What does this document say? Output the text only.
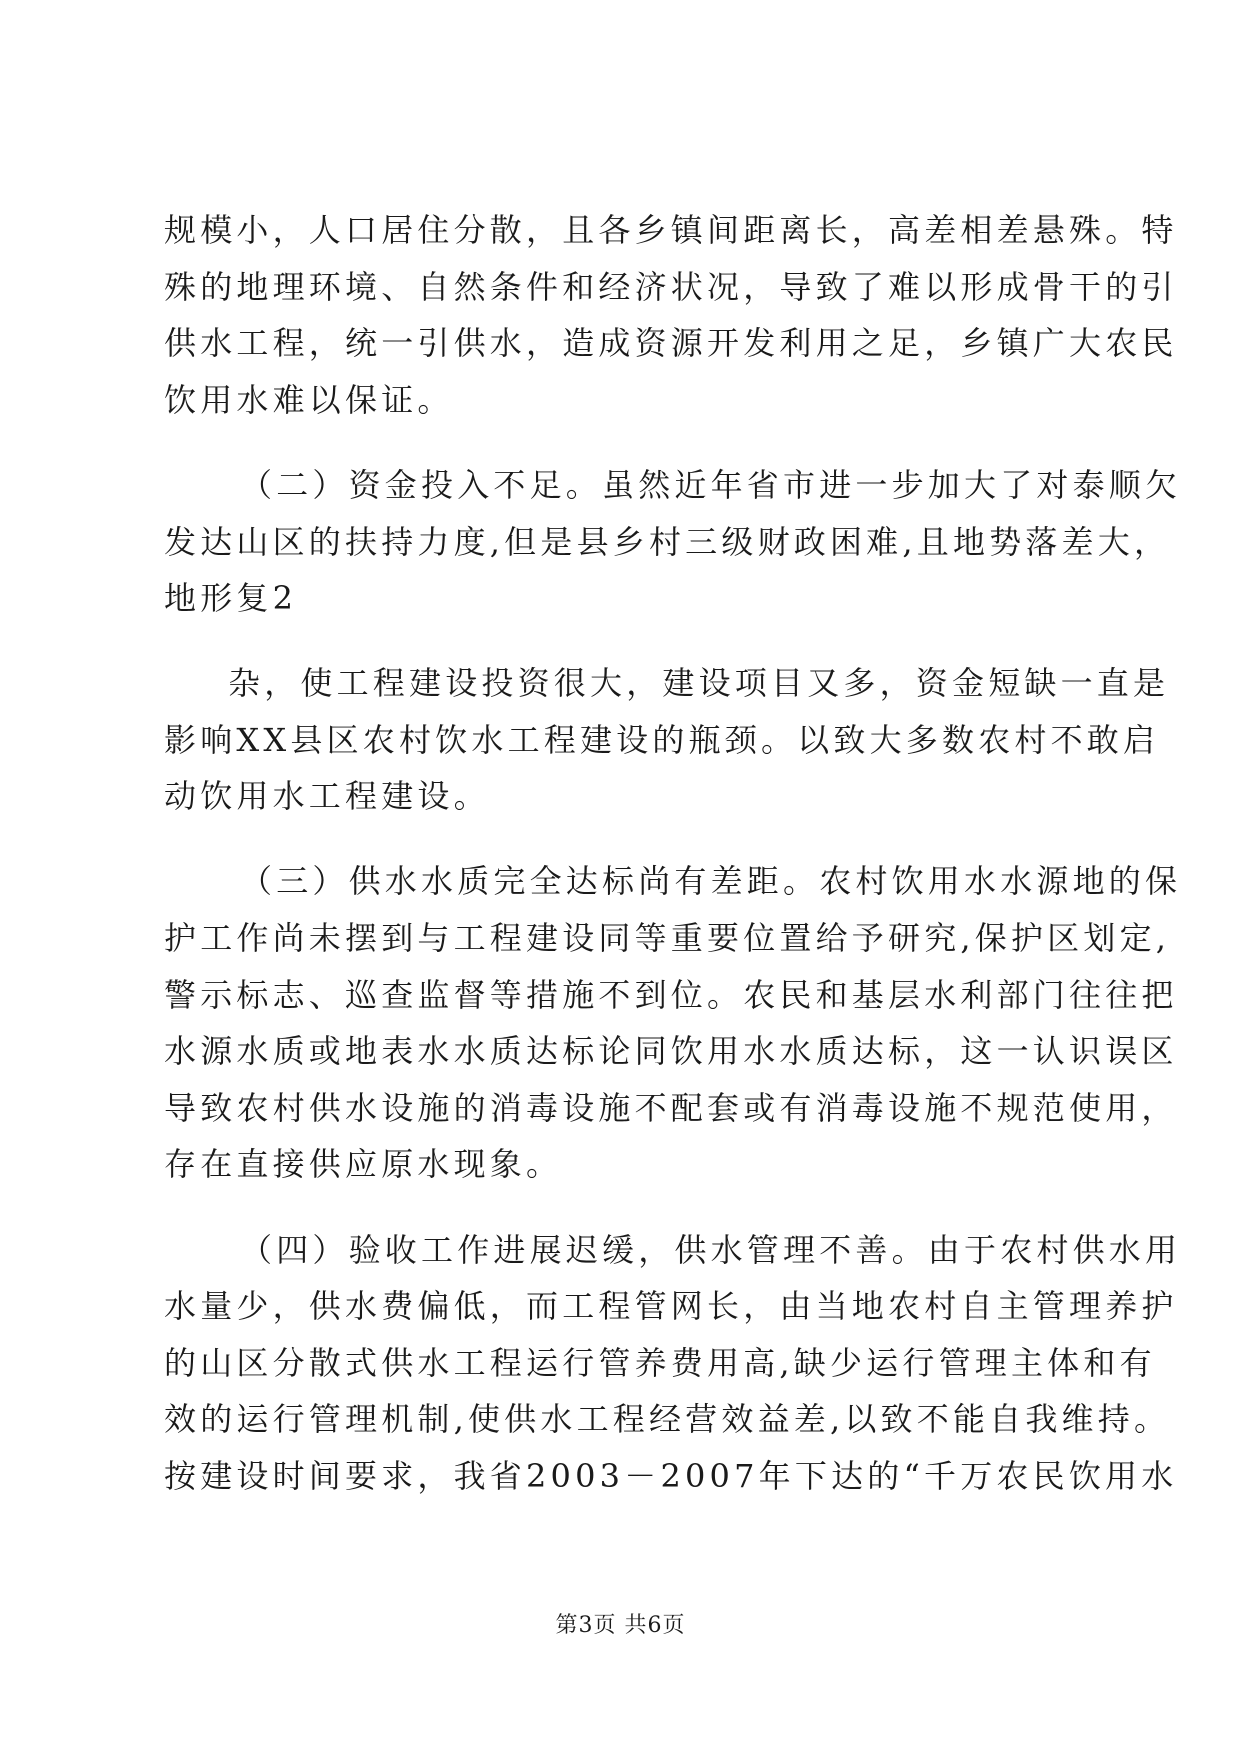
规模小，人口居住分散，且各乡镇间距离长，高差相差悬殊。特
殊的地理环境、自然条件和经济状况，导致了难以形成骨干的引
供水工程，统一引供水，造成资源开发利用之足，乡镇广大农民
饮用水难以保证。
（二）资金投入不足。虽然近年省市进一步加大了对泰顺欠
发达山区的扶持力度,但是县乡村三级财政困难,且地势落差大，
地形复2
杂，使工程建设投资很大，建设项目又多，资金短缺一直是
影响XX县区农村饮水工程建设的瓶颈。以致大多数农村不敢启
动饮用水工程建设。
（三）供水水质完全达标尚有差距。农村饮用水水源地的保
护工作尚未摆到与工程建设同等重要位置给予研究,保护区划定,
警示标志、巡查监督等措施不到位。农民和基层水利部门往往把
水源水质或地表水水质达标论同饮用水水质达标，这一认识误区
导致农村供水设施的消毒设施不配套或有消毒设施不规范使用，
存在直接供应原水现象。
（四）验收工作进展迟缓，供水管理不善。由于农村供水用
水量少，供水费偏低，而工程管网长，由当地农村自主管理养护
的山区分散式供水工程运行管养费用高,缺少运行管理主体和有
效的运行管理机制,使供水工程经营效益差,以致不能自我维持。
按建设时间要求，我省2003－2007年下达的“千万农民饮用水
第3页 共6页
